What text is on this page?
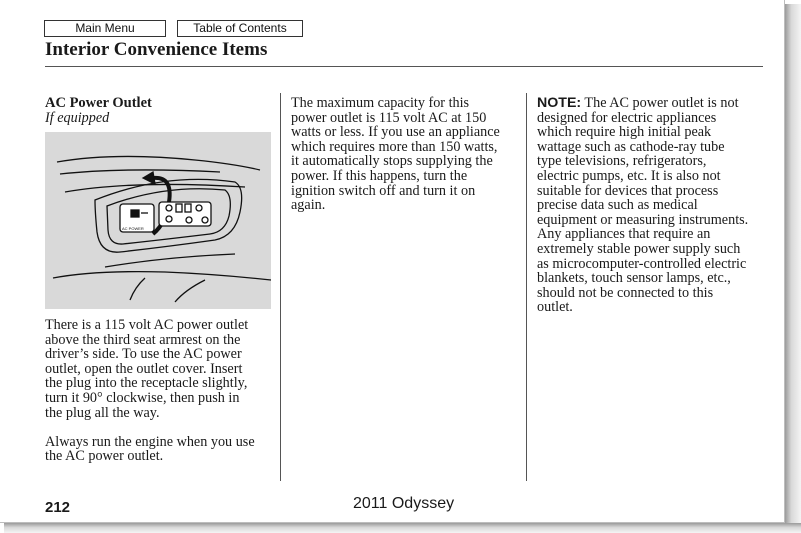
Main Menu	Table of Contents
Interior Convenience Items
AC Power Outlet
If equipped
AC POWER

There is a 115 volt AC power outlet
above the third seat armrest on the
driver’s side. To use the AC power
outlet, open the outlet cover. Insert
the plug into the receptacle slightly,
turn it 90° clockwise, then push in
the plug all the way.

Always run the engine when you use
the AC power outlet.

The maximum capacity for this
power outlet is 115 volt AC at 150
watts or less. If you use an appliance
which requires more than 150 watts,
it automatically stops supplying the
power. If this happens, turn the
ignition switch off and turn it on
again.

NOTE: The AC power outlet is not
designed for electric appliances
which require high initial peak
wattage such as cathode-ray tube
type televisions, refrigerators,
electric pumps, etc. It is also not
suitable for devices that process
precise data such as medical
equipment or measuring instruments.
Any appliances that require an
extremely stable power supply such
as microcomputer-controlled electric
blankets, touch sensor lamps, etc.,
should not be connected to this
outlet.

212	2011 Odyssey
